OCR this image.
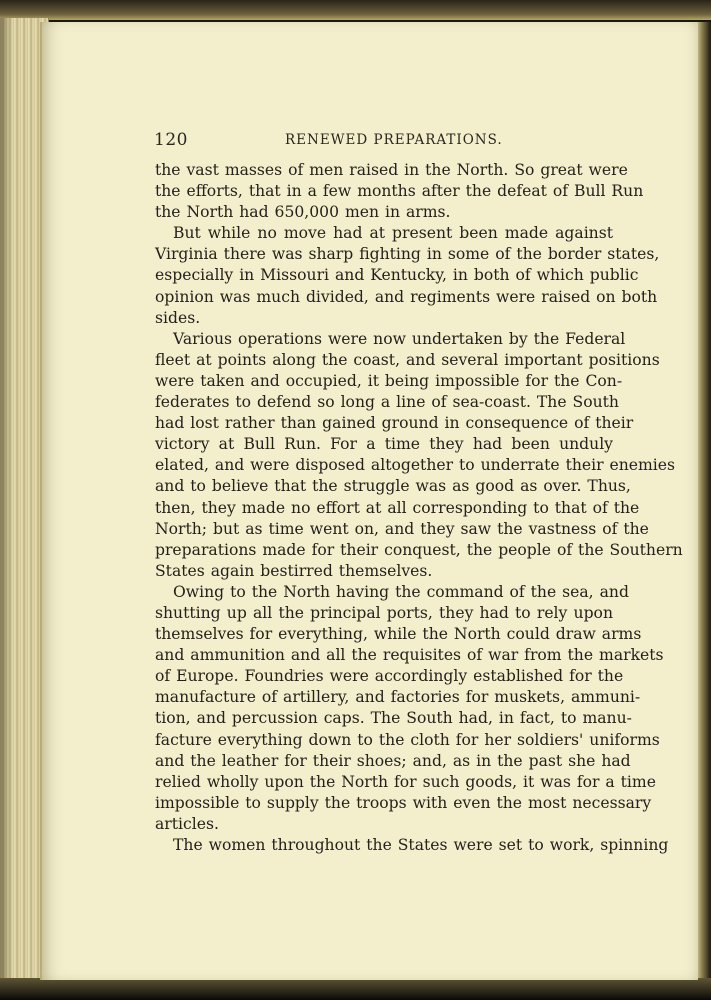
120	RENEWED PREPARATIONS.
the vast masses of men raised in the North. So great were
the efforts, that in a few months after the defeat of Bull Run
the North had 650,000 men in arms.
But while no move had at present been made against
Virginia there was sharp fighting in some of the border states,
especially in Missouri and Kentucky, in both of which public
opinion was much divided, and regiments were raised on both
sides.
Various operations were now undertaken by the Federal
fleet at points along the coast, and several important positions
were taken and occupied, it being impossible for the Con-
federates to defend so long a line of sea-coast. The South
had lost rather than gained ground in consequence of their
victory at Bull Run. For a time they had been unduly
elated, and were disposed altogether to underrate their enemies
and to believe that the struggle was as good as over. Thus,
then, they made no effort at all corresponding to that of the
North; but as time went on, and they saw the vastness of the
preparations made for their conquest, the people of the Southern
States again bestirred themselves.
Owing to the North having the command of the sea, and
shutting up all the principal ports, they had to rely upon
themselves for everything, while the North could draw arms
and ammunition and all the requisites of war from the markets
of Europe. Foundries were accordingly established for the
manufacture of artillery, and factories for muskets, ammuni-
tion, and percussion caps. The South had, in fact, to manu-
facture everything down to the cloth for her soldiers' uniforms
and the leather for their shoes; and, as in the past she had
relied wholly upon the North for such goods, it was for a time
impossible to supply the troops with even the most necessary
articles.
The women throughout the States were set to work, spinning
